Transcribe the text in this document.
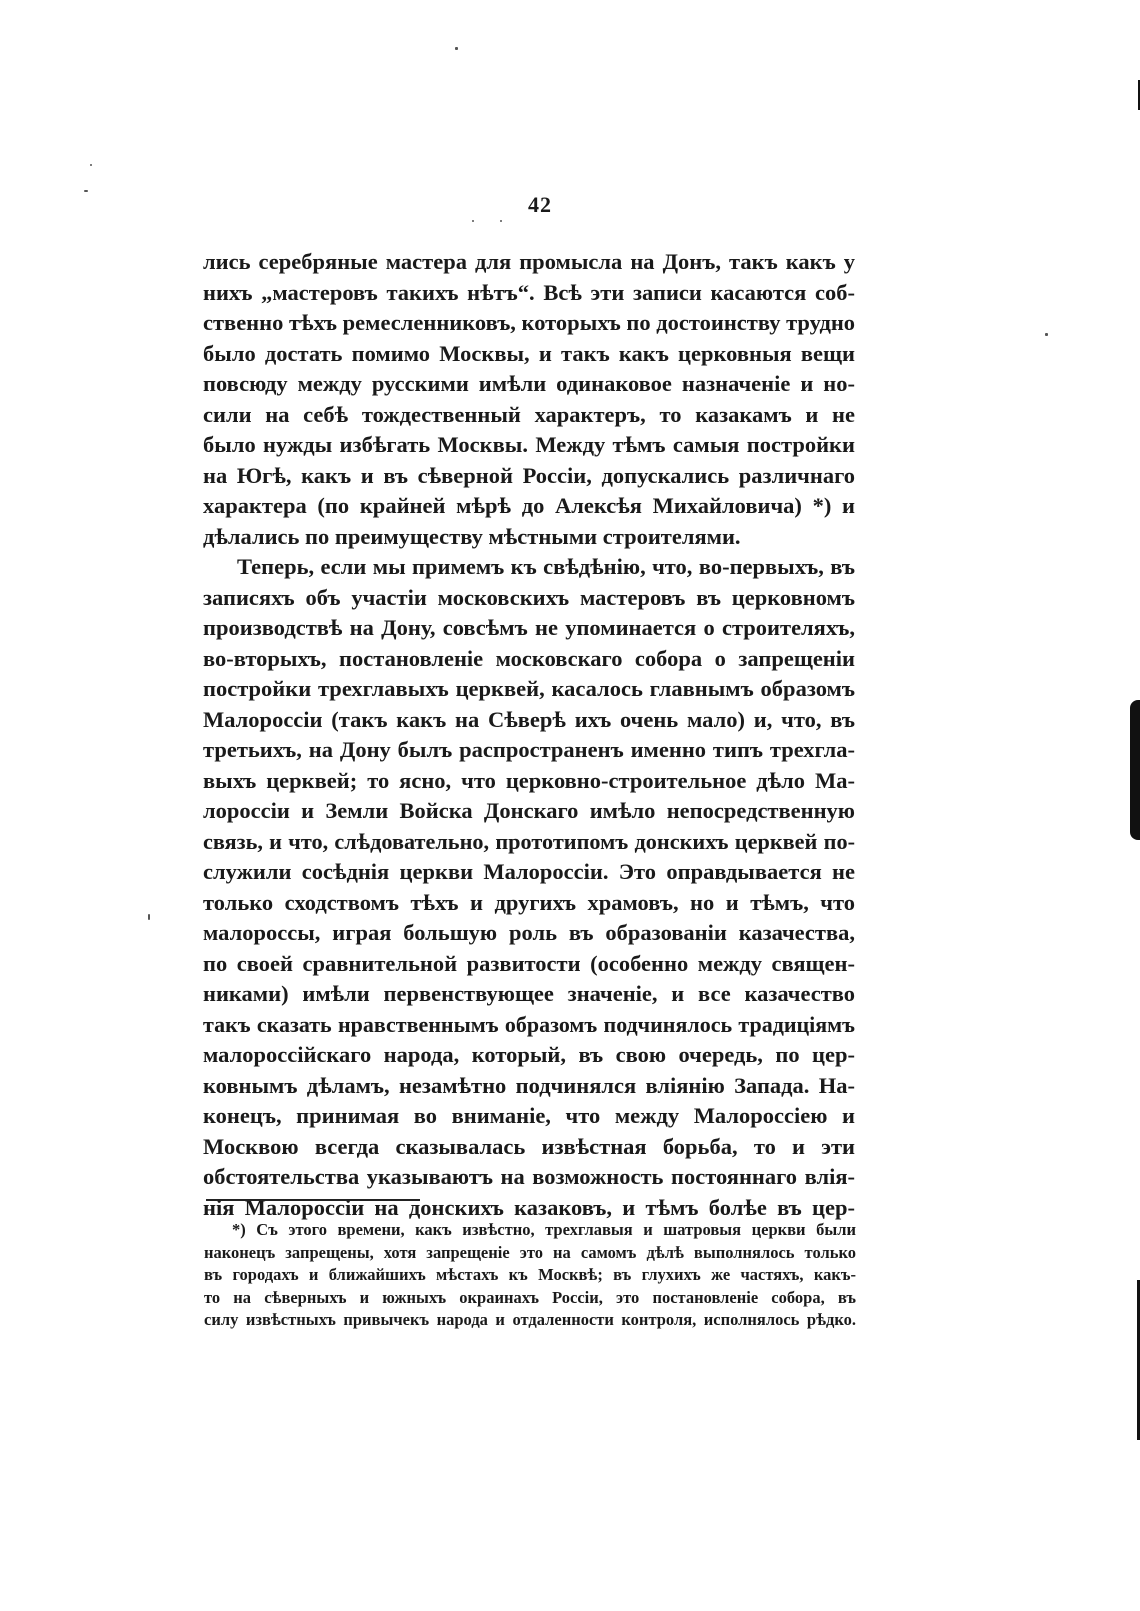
42
лись серебряные мастера для промысла на Донъ, такъ какъ у
нихъ „мастеровъ такихъ нѣтъ“. Всѣ эти записи касаются соб-
ственно тѣхъ ремесленниковъ, которыхъ по достоинству трудно
было достать помимо Москвы, и такъ какъ церковныя вещи
повсюду между русскими имѣли одинаковое назначеніе и но-
сили на себѣ тождественный характеръ, то казакамъ и не
было нужды избѣгать Москвы. Между тѣмъ самыя постройки
на Югѣ, какъ и въ сѣверной Россіи, допускались различнаго
характера (по крайней мѣрѣ до Алексѣя Михайловича) *) и
дѣлались по преимуществу мѣстными строителями.
Теперь, если мы примемъ къ свѣдѣнію, что, во-первыхъ, въ
записяхъ объ участіи московскихъ мастеровъ въ церковномъ
производствѣ на Дону, совсѣмъ не упоминается о строителяхъ,
во-вторыхъ, постановленіе московскаго собора о запрещеніи
постройки трехглавыхъ церквей, касалось главнымъ образомъ
Малороссіи (такъ какъ на Сѣверѣ ихъ очень мало) и, что, въ
третьихъ, на Дону былъ распространенъ именно типъ трехгла-
выхъ церквей; то ясно, что церковно-строительное дѣло Ма-
лороссіи и Земли Войска Донскаго имѣло непосредственную
связь, и что, слѣдовательно, прототипомъ донскихъ церквей по-
служили сосѣднія церкви Малороссіи. Это оправдывается не
только сходствомъ тѣхъ и другихъ храмовъ, но и тѣмъ, что
малороссы, играя большую роль въ образованіи казачества,
по своей сравнительной развитости (особенно между священ-
никами) имѣли первенствующее значеніе, и все казачество
такъ сказать нравственнымъ образомъ подчинялось традиціямъ
малороссійскаго народа, который, въ свою очередь, по цер-
ковнымъ дѣламъ, незамѣтно подчинялся вліянію Запада. На-
конецъ, принимая во вниманіе, что между Малороссіею и
Москвою всегда сказывалась извѣстная борьба, то и эти
обстоятельства указываютъ на возможность постояннаго влія-
нія Малороссіи на донскихъ казаковъ, и тѣмъ болѣе въ цер-
*) Съ этого времени, какъ извѣстно, трехглавыя и шатровыя церкви были
наконецъ запрещены, хотя запрещеніе это на самомъ дѣлѣ выполнялось только
въ городахъ и ближайшихъ мѣстахъ къ Москвѣ; въ глухихъ же частяхъ, какъ-
то на сѣверныхъ и южныхъ окраинахъ Россіи, это постановленіе собора, въ
силу извѣстныхъ привычекъ народа и отдаленности контроля, исполнялось рѣдко.
